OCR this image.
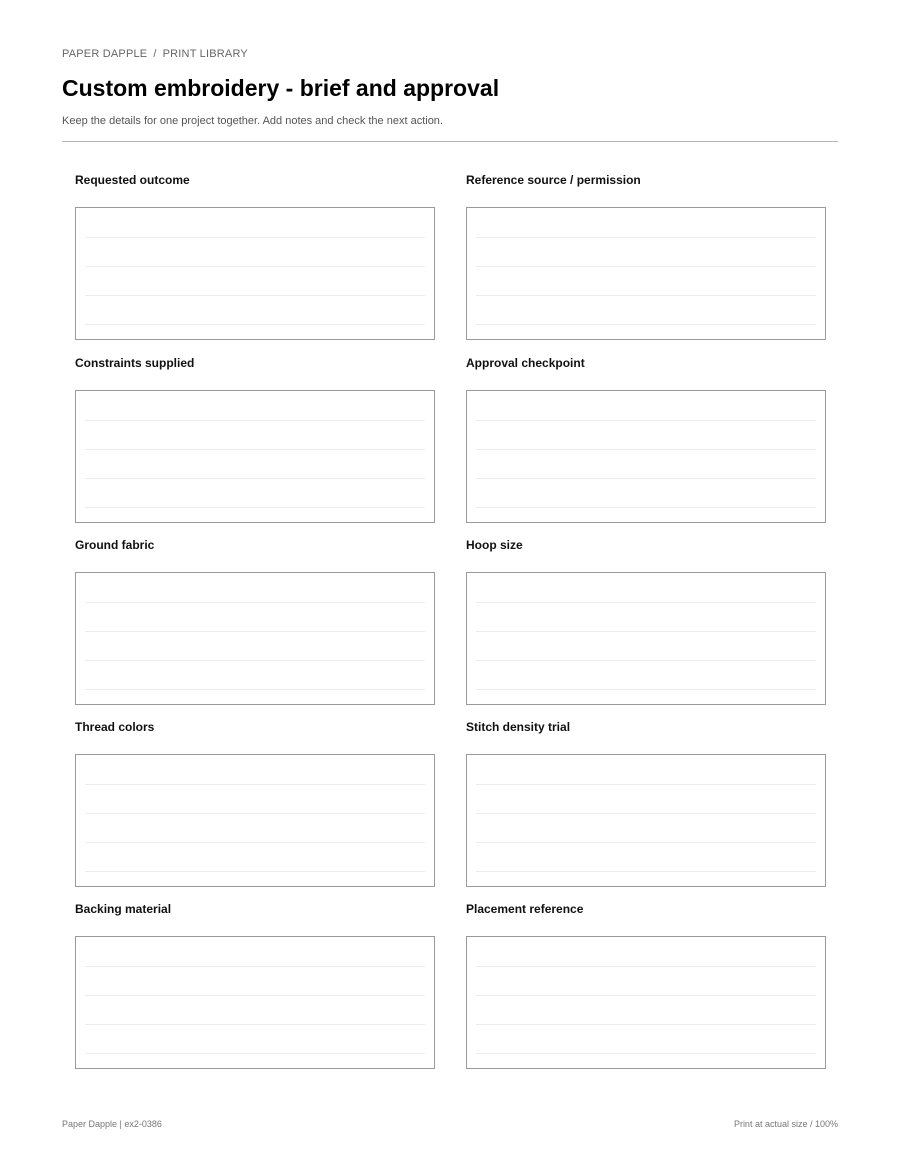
PAPER DAPPLE / PRINT LIBRARY
Custom embroidery - brief and approval
Keep the details for one project together. Add notes and check the next action.
Requested outcome	Reference source / permission
Constraints supplied	Approval checkpoint
Ground fabric	Hoop size
Thread colors	Stitch density trial
Backing material	Placement reference
Paper Dapple | ex2-0386	Print at actual size / 100%
